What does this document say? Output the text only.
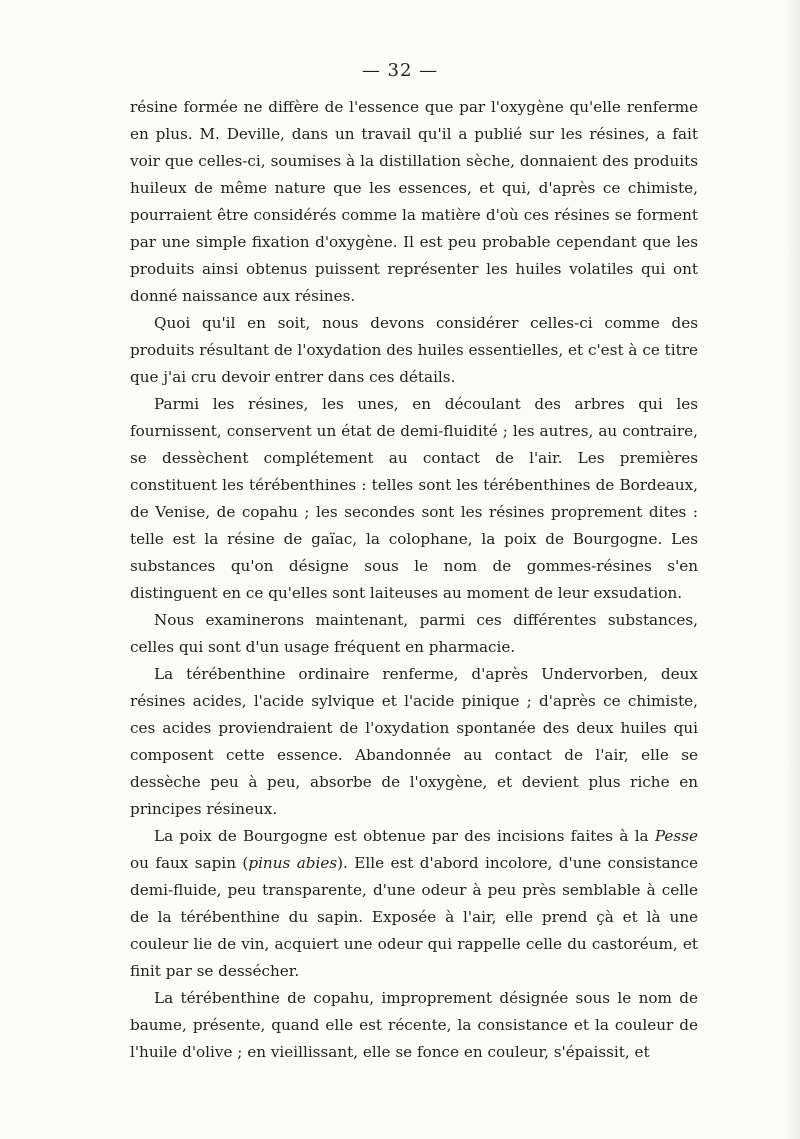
— 32 —

résine formée ne diffère de l'essence que par l'oxygène qu'elle renferme en plus. M. Deville, dans un travail qu'il a publié sur les résines, a fait voir que celles-ci, soumises à la distillation sèche, donnaient des produits huileux de même nature que les essences, et qui, d'après ce chimiste, pourraient être considérés comme la matière d'où ces résines se forment par une simple fixation d'oxygène. Il est peu probable cependant que les produits ainsi obtenus puissent représenter les huiles volatiles qui ont donné naissance aux résines.

Quoi qu'il en soit, nous devons considérer celles-ci comme des produits résultant de l'oxydation des huiles essentielles, et c'est à ce titre que j'ai cru devoir entrer dans ces détails.

Parmi les résines, les unes, en découlant des arbres qui les fournissent, conservent un état de demi-fluidité ; les autres, au contraire, se dessèchent complétement au contact de l'air. Les premières constituent les térébenthines : telles sont les térébenthines de Bordeaux, de Venise, de copahu ; les secondes sont les résines proprement dites : telle est la résine de gaïac, la colophane, la poix de Bourgogne. Les substances qu'on désigne sous le nom de gommes-résines s'en distinguent en ce qu'elles sont laiteuses au moment de leur exsudation.

Nous examinerons maintenant, parmi ces différentes substances, celles qui sont d'un usage fréquent en pharmacie.

La térébenthine ordinaire renferme, d'après Undervorben, deux résines acides, l'acide sylvique et l'acide pinique ; d'après ce chimiste, ces acides proviendraient de l'oxydation spontanée des deux huiles qui composent cette essence. Abandonnée au contact de l'air, elle se dessèche peu à peu, absorbe de l'oxygène, et devient plus riche en principes résineux.

La poix de Bourgogne est obtenue par des incisions faites à la Pesse ou faux sapin (pinus abies). Elle est d'abord incolore, d'une consistance demi-fluide, peu transparente, d'une odeur à peu près semblable à celle de la térébenthine du sapin. Exposée à l'air, elle prend çà et là une couleur lie de vin, acquiert une odeur qui rappelle celle du castoréum, et finit par se dessécher.

La térébenthine de copahu, improprement désignée sous le nom de baume, présente, quand elle est récente, la consistance et la couleur de l'huile d'olive ; en vieillissant, elle se fonce en couleur, s'épaissit, et
